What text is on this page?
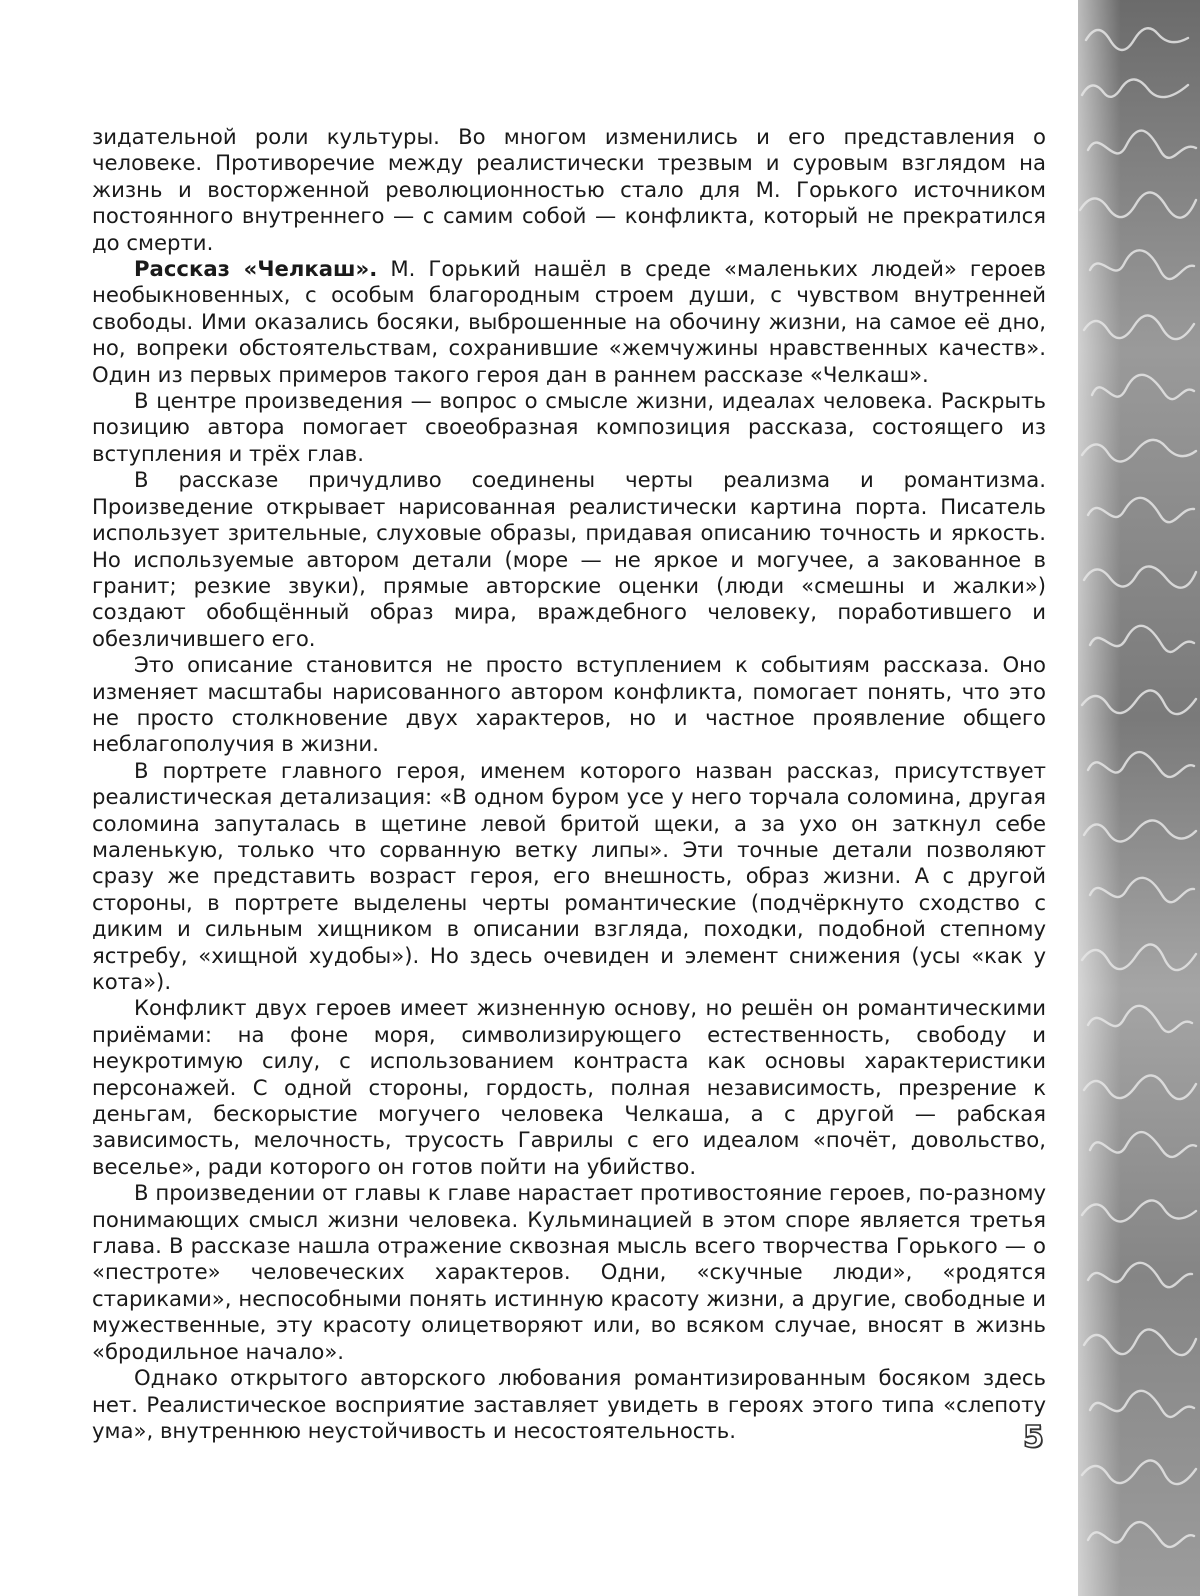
зидательной роли культуры. Во многом изменились и его представления о человеке. Противоречие между реалистически трезвым и суровым взглядом на жизнь и восторженной революционностью стало для М. Горького источником постоянного внутреннего — с самим собой — конфликта, который не прекратился до смерти.

Рассказ «Челкаш». М. Горький нашёл в среде «маленьких людей» героев необыкновенных, с особым благородным строем души, с чувством внутренней свободы. Ими оказались босяки, выброшенные на обочину жизни, на самое её дно, но, вопреки обстоятельствам, сохранившие «жемчужины нравственных качеств». Один из первых примеров такого героя дан в раннем рассказе «Челкаш».

В центре произведения — вопрос о смысле жизни, идеалах человека. Раскрыть позицию автора помогает своеобразная композиция рассказа, состоящего из вступления и трёх глав.

В рассказе причудливо соединены черты реализма и романтизма. Произведение открывает нарисованная реалистически картина порта. Писатель использует зрительные, слуховые образы, придавая описанию точность и яркость. Но используемые автором детали (море — не яркое и могучее, а закованное в гранит; резкие звуки), прямые авторские оценки (люди «смешны и жалки») создают обобщённый образ мира, враждебного человеку, поработившего и обезличившего его.

Это описание становится не просто вступлением к событиям рассказа. Оно изменяет масштабы нарисованного автором конфликта, помогает понять, что это не просто столкновение двух характеров, но и частное проявление общего неблагополучия в жизни.

В портрете главного героя, именем которого назван рассказ, присутствует реалистическая детализация: «В одном буром усе у него торчала соломина, другая соломина запуталась в щетине левой бритой щеки, а за ухо он заткнул себе маленькую, только что сорванную ветку липы». Эти точные детали позволяют сразу же представить возраст героя, его внешность, образ жизни. А с другой стороны, в портрете выделены черты романтические (подчёркнуто сходство с диким и сильным хищником в описании взгляда, походки, подобной степному ястребу, «хищной худобы»). Но здесь очевиден и элемент снижения (усы «как у кота»).

Конфликт двух героев имеет жизненную основу, но решён он романтическими приёмами: на фоне моря, символизирующего естественность, свободу и неукротимую силу, с использованием контраста как основы характеристики персонажей. С одной стороны, гордость, полная независимость, презрение к деньгам, бескорыстие могучего человека Челкаша, а с другой — рабская зависимость, мелочность, трусость Гаврилы с его идеалом «почёт, довольство, веселье», ради которого он готов пойти на убийство.

В произведении от главы к главе нарастает противостояние героев, по-разному понимающих смысл жизни человека. Кульминацией в этом споре является третья глава. В рассказе нашла отражение сквозная мысль всего творчества Горького — о «пестроте» человеческих характеров. Одни, «скучные люди», «родятся стариками», неспособными понять истинную красоту жизни, а другие, свободные и мужественные, эту красоту олицетворяют или, во всяком случае, вносят в жизнь «бродильное начало».

Однако открытого авторского любования романтизированным босяком здесь нет. Реалистическое восприятие заставляет увидеть в героях этого типа «слепоту ума», внутреннюю неустойчивость и несостоятельность.	5
